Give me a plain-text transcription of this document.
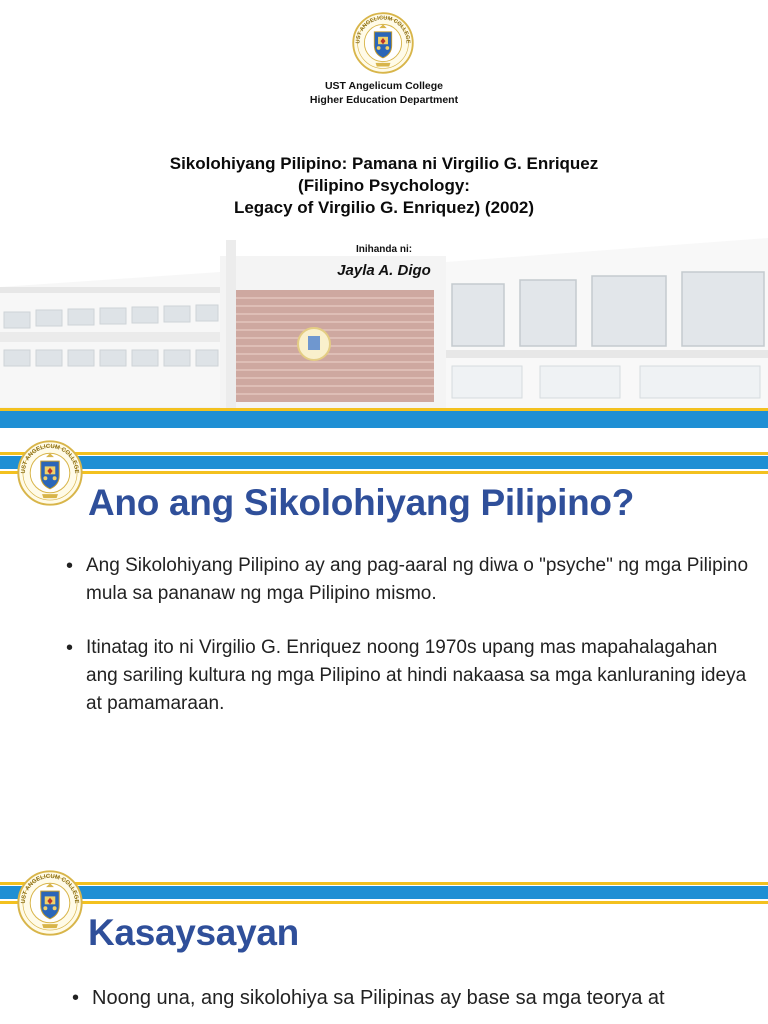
UST ANGELICUM COLLEGE
UST Angelicum College
Higher Education Department
Sikolohiyang Pilipino: Pamana ni Virgilio G. Enriquez
(Filipino Psychology:
Legacy of Virgilio G. Enriquez) (2002)
Inihanda ni:
Jayla A. Digo
UST ANGELICUM COLLEGE
Ano ang Sikolohiyang Pilipino?
• Ang Sikolohiyang Pilipino ay ang pag-aaral ng diwa o "psyche" ng mga Pilipino mula sa pananaw ng mga Pilipino mismo.
• Itinatag ito ni Virgilio G. Enriquez noong 1970s upang mas mapahalagahan ang sariling kultura ng mga Pilipino at hindi nakaasa sa mga kanluraning ideya at pamamaraan.
UST ANGELICUM COLLEGE
Kasaysayan
• Noong una, ang sikolohiya sa Pilipinas ay base sa mga teorya at
